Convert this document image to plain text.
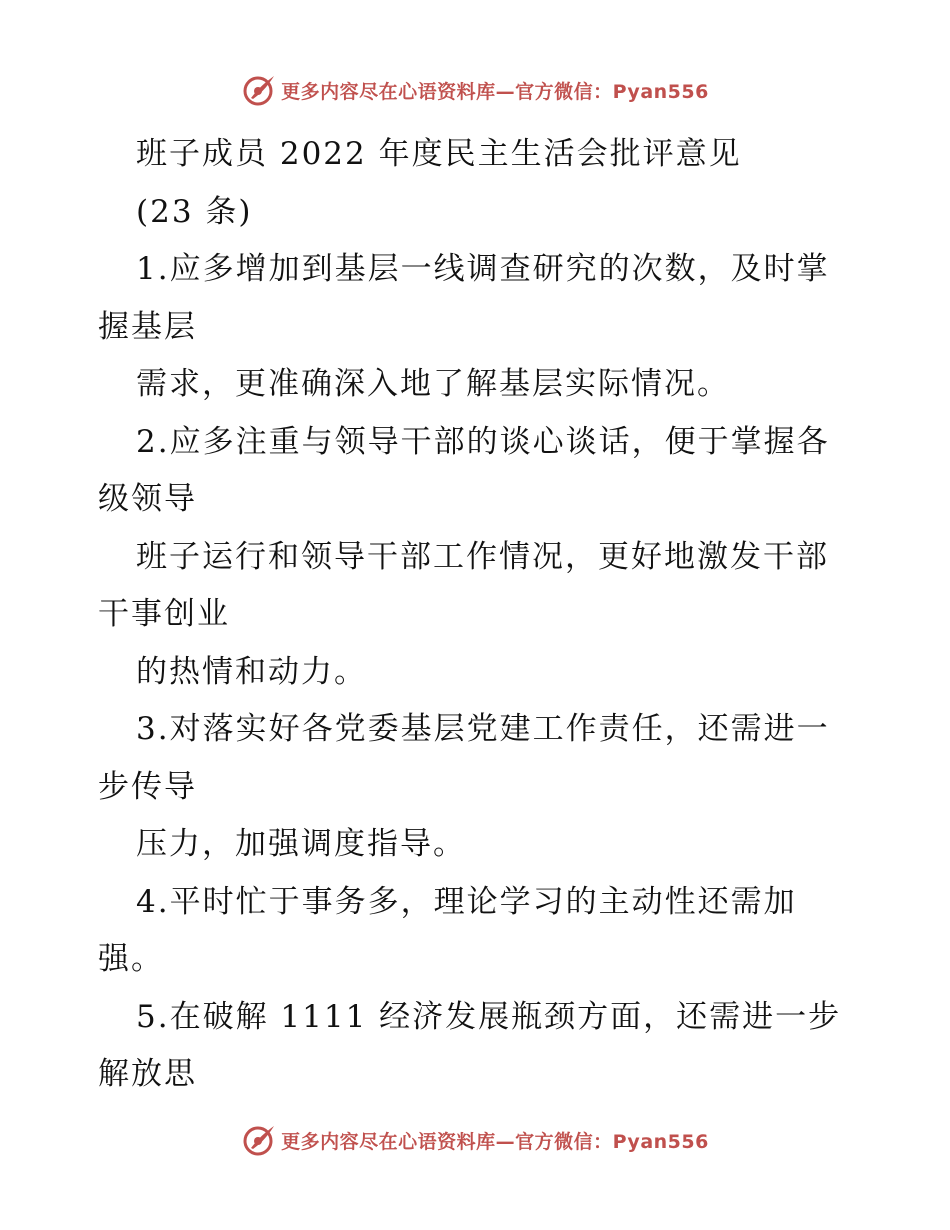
更多内容尽在心语资料库—官方微信：Pyan556
班子成员 2022 年度民主生活会批评意见
(23 条)
1.应多增加到基层一线调查研究的次数，及时掌
握基层
需求，更准确深入地了解基层实际情况。
2.应多注重与领导干部的谈心谈话，便于掌握各
级领导
班子运行和领导干部工作情况，更好地激发干部
干事创业
的热情和动力。
3.对落实好各党委基层党建工作责任，还需进一
步传导
压力，加强调度指导。
4.平时忙于事务多，理论学习的主动性还需加
强。
5.在破解 1111 经济发展瓶颈方面，还需进一步
解放思
更多内容尽在心语资料库—官方微信：Pyan556
